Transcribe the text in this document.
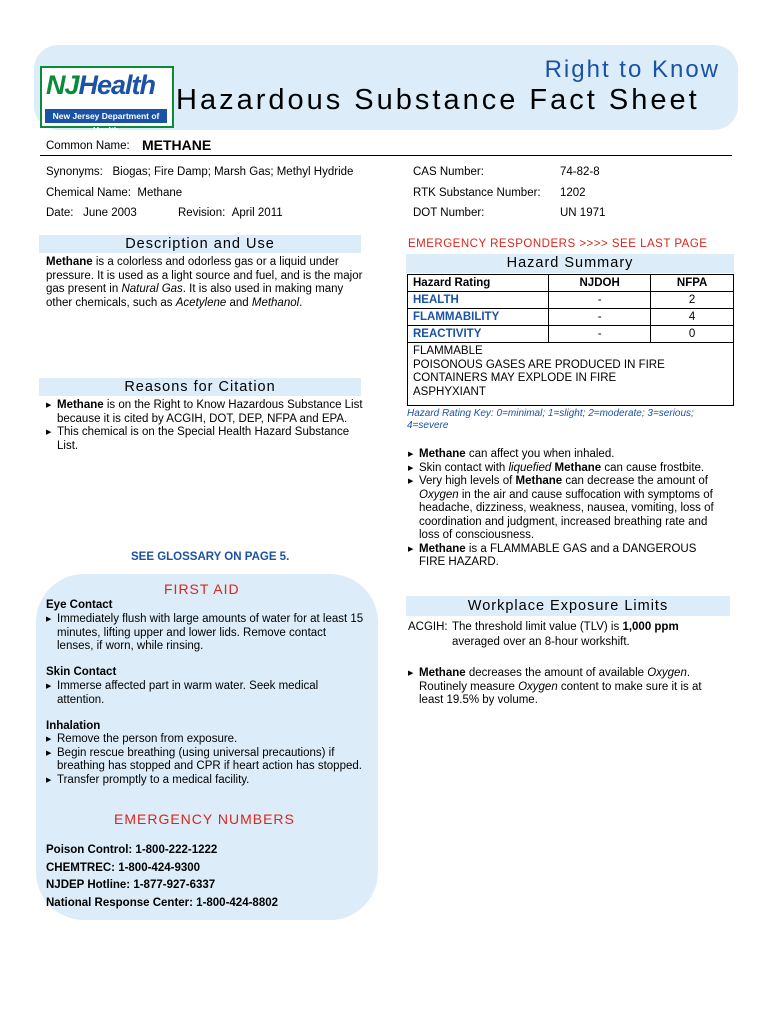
NJHealth
New Jersey Department of Health
Right to Know
Hazardous Substance Fact Sheet
Common Name: METHANE
Synonyms: Biogas; Fire Damp; Marsh Gas; Methyl Hydride
Chemical Name: Methane
Date: June 2003	Revision: April 2011
CAS Number:	74-82-8
RTK Substance Number: 1202
DOT Number:	UN 1971
Description and Use
Methane is a colorless and odorless gas or a liquid under pressure. It is used as a light source and fuel, and is the major gas present in Natural Gas. It is also used in making many other chemicals, such as Acetylene and Methanol.
Reasons for Citation
▶ Methane is on the Right to Know Hazardous Substance List because it is cited by ACGIH, DOT, DEP, NFPA and EPA.
▶ This chemical is on the Special Health Hazard Substance List.
SEE GLOSSARY ON PAGE 5.
FIRST AID
Eye Contact
▶ Immediately flush with large amounts of water for at least 15 minutes, lifting upper and lower lids. Remove contact lenses, if worn, while rinsing.
Skin Contact
▶ Immerse affected part in warm water. Seek medical attention.
Inhalation
▶ Remove the person from exposure.
▶ Begin rescue breathing (using universal precautions) if breathing has stopped and CPR if heart action has stopped.
▶ Transfer promptly to a medical facility.
EMERGENCY NUMBERS
Poison Control: 1-800-222-1222
CHEMTREC: 1-800-424-9300
NJDEP Hotline: 1-877-927-6337
National Response Center: 1-800-424-8802
EMERGENCY RESPONDERS >>>> SEE LAST PAGE
Hazard Summary
Hazard Rating	NJDOH	NFPA
HEALTH	-	2
FLAMMABILITY	-	4
REACTIVITY	-	0

FLAMMABLE
POISONOUS GASES ARE PRODUCED IN FIRE
CONTAINERS MAY EXPLODE IN FIRE
ASPHYXIANT		
Hazard Rating Key: 0=minimal; 1=slight; 2=moderate; 3=serious; 4=severe
▶ Methane can affect you when inhaled.
▶ Skin contact with liquefied Methane can cause frostbite.
▶ Very high levels of Methane can decrease the amount of Oxygen in the air and cause suffocation with symptoms of headache, dizziness, weakness, nausea, vomiting, loss of coordination and judgment, increased breathing rate and loss of consciousness.
▶ Methane is a FLAMMABLE GAS and a DANGEROUS FIRE HAZARD.
Workplace Exposure Limits
ACGIH: The threshold limit value (TLV) is 1,000 ppm
averaged over an 8-hour workshift.
▶ Methane decreases the amount of available Oxygen. Routinely measure Oxygen content to make sure it is at least 19.5% by volume.
